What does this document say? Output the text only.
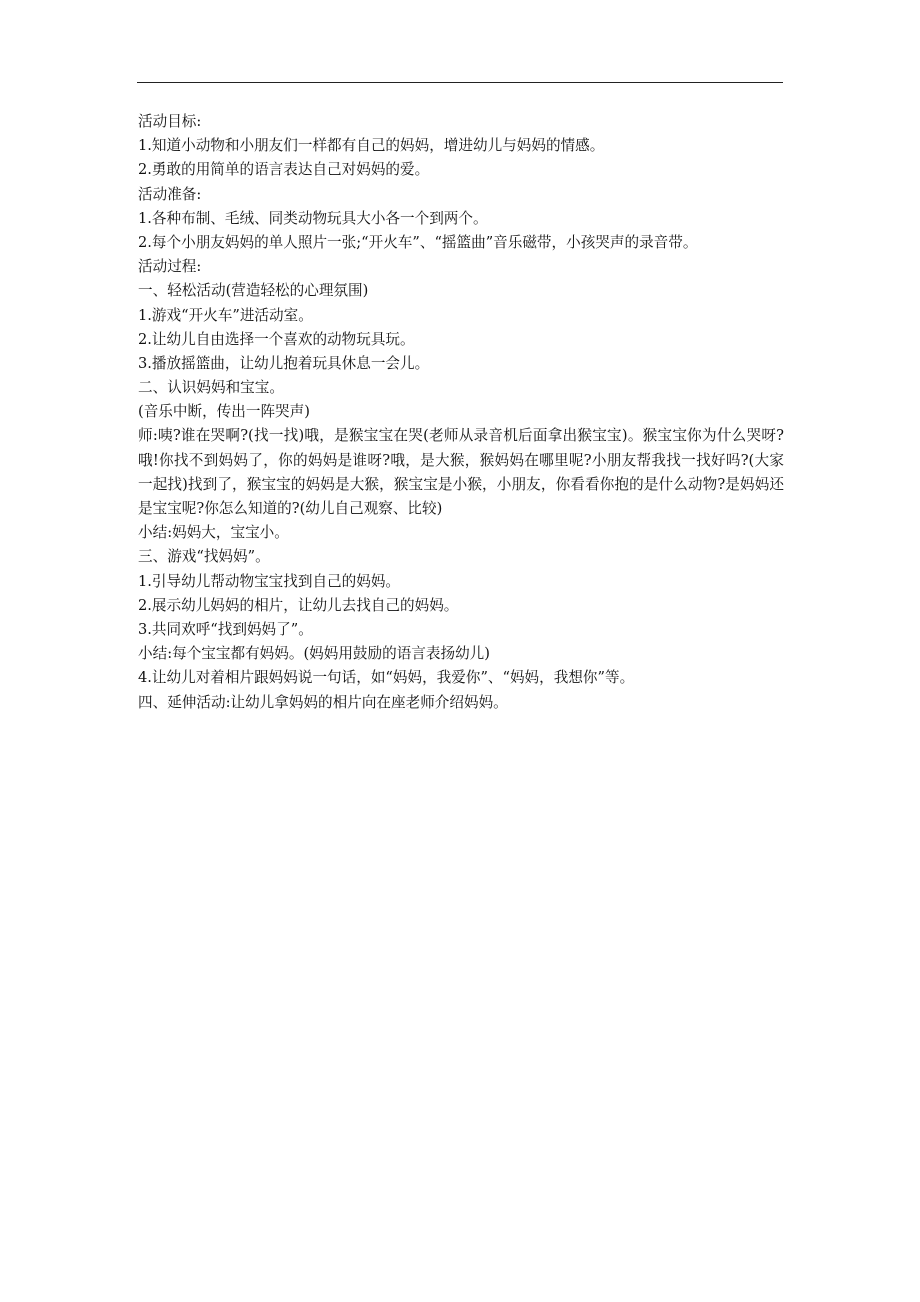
活动目标:
1.知道小动物和小朋友们一样都有自己的妈妈，增进幼儿与妈妈的情感。
2.勇敢的用简单的语言表达自己对妈妈的爱。
活动准备:
1.各种布制、毛绒、同类动物玩具大小各一个到两个。
2.每个小朋友妈妈的单人照片一张;“开火车”、“摇篮曲”音乐磁带，小孩哭声的录音带。
活动过程:
一、轻松活动(营造轻松的心理氛围)
1.游戏“开火车”进活动室。
2.让幼儿自由选择一个喜欢的动物玩具玩。
3.播放摇篮曲，让幼儿抱着玩具休息一会儿。
二、认识妈妈和宝宝。
(音乐中断，传出一阵哭声)
师:咦?谁在哭啊?(找一找)哦，是猴宝宝在哭(老师从录音机后面拿出猴宝宝)。猴宝宝你为什么哭呀?哦!你找不到妈妈了，你的妈妈是谁呀?哦，是大猴，猴妈妈在哪里呢?小朋友帮我找一找好吗?(大家一起找)找到了，猴宝宝的妈妈是大猴，猴宝宝是小猴，小朋友，你看看你抱的是什么动物?是妈妈还是宝宝呢?你怎么知道的?(幼儿自己观察、比较)
小结:妈妈大，宝宝小。
三、游戏“找妈妈”。
1.引导幼儿帮动物宝宝找到自己的妈妈。
2.展示幼儿妈妈的相片，让幼儿去找自己的妈妈。
3.共同欢呼“找到妈妈了”。
小结:每个宝宝都有妈妈。(妈妈用鼓励的语言表扬幼儿)
4.让幼儿对着相片跟妈妈说一句话，如“妈妈，我爱你”、“妈妈，我想你”等。
四、延伸活动:让幼儿拿妈妈的相片向在座老师介绍妈妈。
